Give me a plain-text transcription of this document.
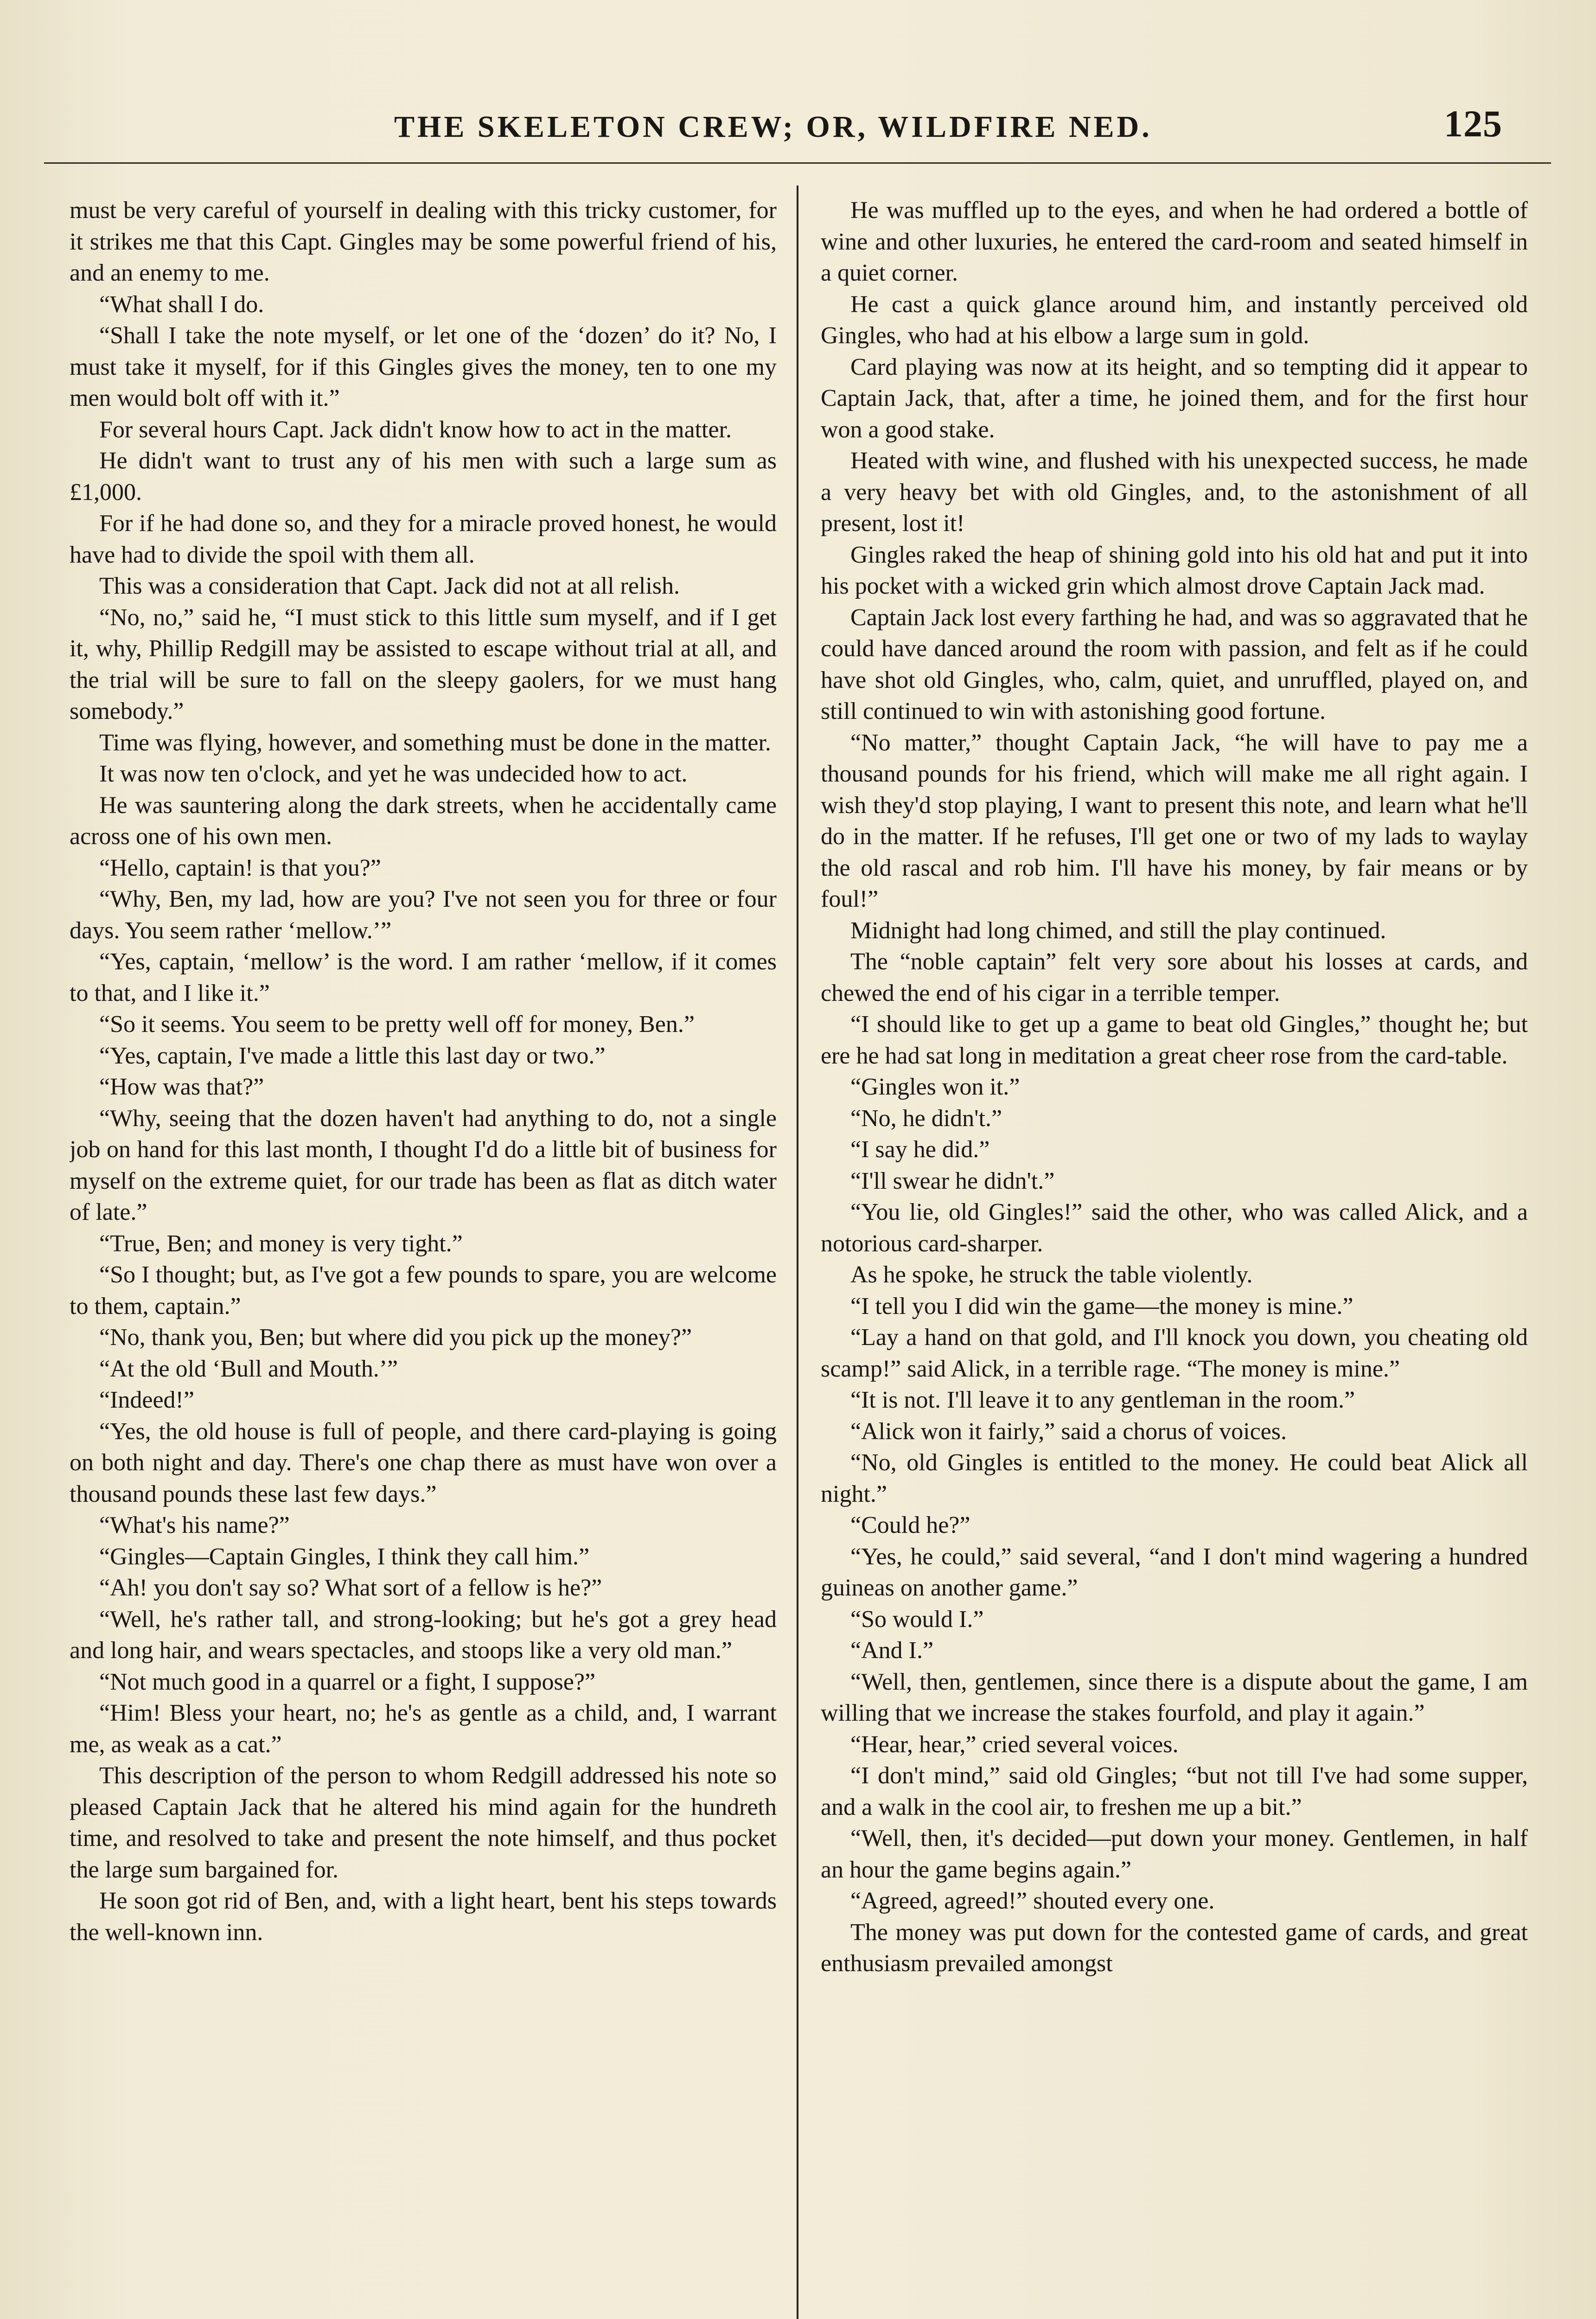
THE SKELETON CREW; OR, WILDFIRE NED.	125

must be very careful of yourself in dealing with this tricky customer, for it strikes me that this Capt. Gingles may be some powerful friend of his, and an enemy to me.

“What shall I do.

“Shall I take the note myself, or let one of the ‘dozen’ do it? No, I must take it myself, for if this Gingles gives the money, ten to one my men would bolt off with it.”

For several hours Capt. Jack didn't know how to act in the matter.

He didn't want to trust any of his men with such a large sum as £1,000.

For if he had done so, and they for a miracle proved honest, he would have had to divide the spoil with them all.

This was a consideration that Capt. Jack did not at all relish.

“No, no,” said he, “I must stick to this little sum myself, and if I get it, why, Phillip Redgill may be assisted to escape without trial at all, and the trial will be sure to fall on the sleepy gaolers, for we must hang somebody.”

Time was flying, however, and something must be done in the matter.

It was now ten o'clock, and yet he was undecided how to act.

He was sauntering along the dark streets, when he accidentally came across one of his own men.

“Hello, captain! is that you?”

“Why, Ben, my lad, how are you? I've not seen you for three or four days. You seem rather ‘mellow.’”

“Yes, captain, ‘mellow’ is the word. I am rather ‘mellow, if it comes to that, and I like it.”

“So it seems. You seem to be pretty well off for money, Ben.”

“Yes, captain, I've made a little this last day or two.”

“How was that?”

“Why, seeing that the dozen haven't had anything to do, not a single job on hand for this last month, I thought I'd do a little bit of business for myself on the extreme quiet, for our trade has been as flat as ditch water of late.”

“True, Ben; and money is very tight.”

“So I thought; but, as I've got a few pounds to spare, you are welcome to them, captain.”

“No, thank you, Ben; but where did you pick up the money?”

“At the old ‘Bull and Mouth.’”

“Indeed!”

“Yes, the old house is full of people, and there card-playing is going on both night and day. There's one chap there as must have won over a thousand pounds these last few days.”

“What's his name?”

“Gingles—Captain Gingles, I think they call him.”

“Ah! you don't say so? What sort of a fellow is he?”

“Well, he's rather tall, and strong-looking; but he's got a grey head and long hair, and wears spectacles, and stoops like a very old man.”

“Not much good in a quarrel or a fight, I suppose?”

“Him! Bless your heart, no; he's as gentle as a child, and, I warrant me, as weak as a cat.”

This description of the person to whom Redgill addressed his note so pleased Captain Jack that he altered his mind again for the hundreth time, and resolved to take and present the note himself, and thus pocket the large sum bargained for.

He soon got rid of Ben, and, with a light heart, bent his steps towards the well-known inn.

He was muffled up to the eyes, and when he had ordered a bottle of wine and other luxuries, he entered the card-room and seated himself in a quiet corner.

He cast a quick glance around him, and instantly perceived old Gingles, who had at his elbow a large sum in gold.

Card playing was now at its height, and so tempting did it appear to Captain Jack, that, after a time, he joined them, and for the first hour won a good stake.

Heated with wine, and flushed with his unexpected success, he made a very heavy bet with old Gingles, and, to the astonishment of all present, lost it!

Gingles raked the heap of shining gold into his old hat and put it into his pocket with a wicked grin which almost drove Captain Jack mad.

Captain Jack lost every farthing he had, and was so aggravated that he could have danced around the room with passion, and felt as if he could have shot old Gingles, who, calm, quiet, and unruffled, played on, and still continued to win with astonishing good fortune.

“No matter,” thought Captain Jack, “he will have to pay me a thousand pounds for his friend, which will make me all right again. I wish they'd stop playing, I want to present this note, and learn what he'll do in the matter. If he refuses, I'll get one or two of my lads to waylay the old rascal and rob him. I'll have his money, by fair means or by foul!”

Midnight had long chimed, and still the play continued.

The “noble captain” felt very sore about his losses at cards, and chewed the end of his cigar in a terrible temper.

“I should like to get up a game to beat old Gingles,” thought he; but ere he had sat long in meditation a great cheer rose from the card-table.

“Gingles won it.”

“No, he didn't.”

“I say he did.”

“I'll swear he didn't.”

“You lie, old Gingles!” said the other, who was called Alick, and a notorious card-sharper.

As he spoke, he struck the table violently.

“I tell you I did win the game—the money is mine.”

“Lay a hand on that gold, and I'll knock you down, you cheating old scamp!” said Alick, in a terrible rage. “The money is mine.”

“It is not. I'll leave it to any gentleman in the room.”

“Alick won it fairly,” said a chorus of voices.

“No, old Gingles is entitled to the money. He could beat Alick all night.”

“Could he?”

“Yes, he could,” said several, “and I don't mind wagering a hundred guineas on another game.”

“So would I.”

“And I.”

“Well, then, gentlemen, since there is a dispute about the game, I am willing that we increase the stakes fourfold, and play it again.”

“Hear, hear,” cried several voices.

“I don't mind,” said old Gingles; “but not till I've had some supper, and a walk in the cool air, to freshen me up a bit.”

“Well, then, it's decided—put down your money. Gentlemen, in half an hour the game begins again.”

“Agreed, agreed!” shouted every one.

The money was put down for the contested game of cards, and great enthusiasm prevailed amongst
